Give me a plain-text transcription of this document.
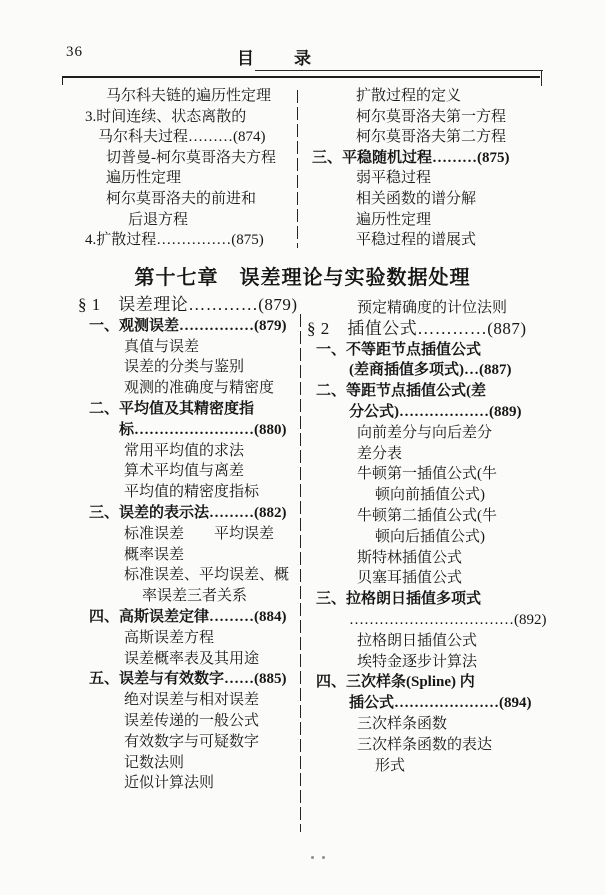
36	目　　录
马尔科夫链的遍历性定理
3.时间连续、状态离散的
马尔科夫过程………(874)
切普曼-柯尔莫哥洛夫方程
遍历性定理
柯尔莫哥洛夫的前进和
后退方程
4.扩散过程……………(875)
扩散过程的定义
柯尔莫哥洛夫第一方程
柯尔莫哥洛夫第二方程
三、平稳随机过程………(875)
弱平稳过程
相关函数的谱分解
遍历性定理
平稳过程的谱展式
第十七章　误差理论与实验数据处理
§ 1　误差理论…………(879)
一、观测误差……………(879)
真值与误差
误差的分类与鉴别
观测的准确度与精密度
二、平均值及其精密度指
标……………………(880)
常用平均值的求法
算术平均值与离差
平均值的精密度指标
三、误差的表示法………(882)
标准误差　　平均误差
概率误差
标准误差、平均误差、概
率误差三者关系
四、高斯误差定律………(884)
高斯误差方程
误差概率表及其用途
五、误差与有效数字……(885)
绝对误差与相对误差
误差传递的一般公式
有效数字与可疑数字
记数法则
近似计算法则
预定精确度的计位法则
§ 2　插值公式…………(887)
一、不等距节点插值公式
(差商插值多项式)…(887)
二、等距节点插值公式(差
分公式)………………(889)
向前差分与向后差分
差分表
牛顿第一插值公式(牛
顿向前插值公式)
牛顿第二插值公式(牛
顿向后插值公式)
斯特林插值公式
贝塞耳插值公式
三、拉格朗日插值多项式
……………………………(892)
拉格朗日插值公式
埃特金逐步计算法
四、三次样条(Spline) 内
插公式…………………(894)
三次样条函数
三次样条函数的表达
形式
